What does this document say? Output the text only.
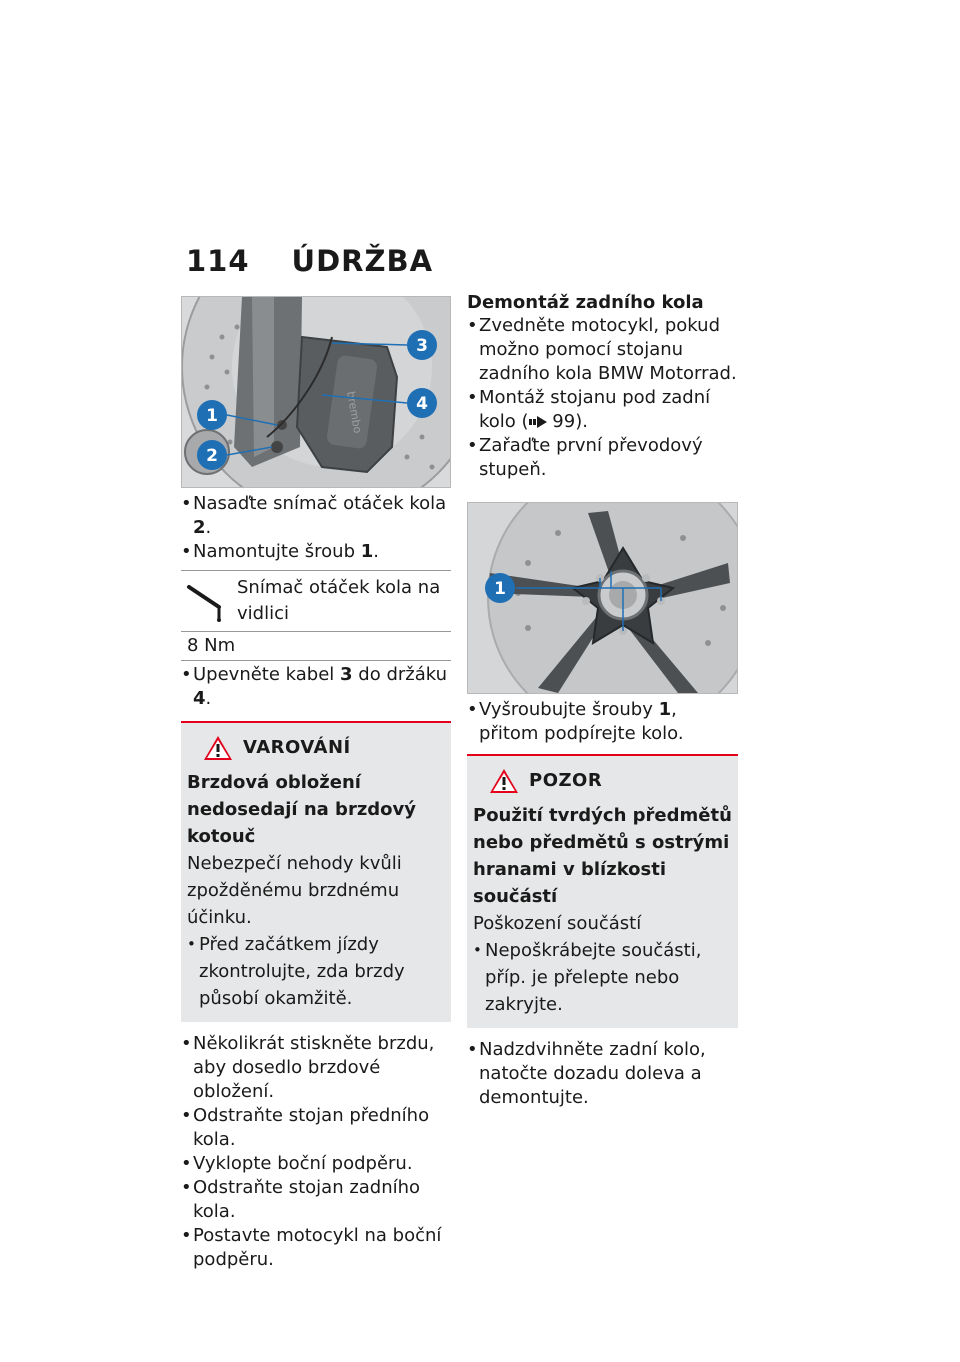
114 ÚDRŽBA
brembo
1
2
3
4
• Nasaďte snímač otáček kola 2.
• Namontujte šroub 1.
Snímač otáček kola na vidlici
8 Nm
• Upevněte kabel 3 do držáku 4.
VAROVÁNÍ
Brzdová obložení nedosedají na brzdový kotouč
Nebezpečí nehody kvůli zpožděnému brzdnému účinku.
• Před začátkem jízdy zkontrolujte, zda brzdy působí okamžitě.
• Několikrát stiskněte brzdu, aby dosedlo brzdové obložení.
• Odstraňte stojan předního kola.
• Vyklopte boční podpěru.
• Odstraňte stojan zadního kola.
• Postavte motocykl na boční podpěru.
Demontáž zadního kola
• Zvedněte motocykl, pokud možno pomocí stojanu zadního kola BMW Motorrad.
• Montáž stojanu pod zadní kolo ( 99).
• Zařaďte první převodový stupeň.
1
• Vyšroubujte šrouby 1, přitom podpírejte kolo.
POZOR
Použití tvrdých předmětů nebo předmětů s ostrými hranami v blízkosti součástí
Poškození součástí
• Nepoškrábejte součásti, příp. je přelepte nebo zakryjte.
• Nadzdvihněte zadní kolo, natočte dozadu doleva a demontujte.
